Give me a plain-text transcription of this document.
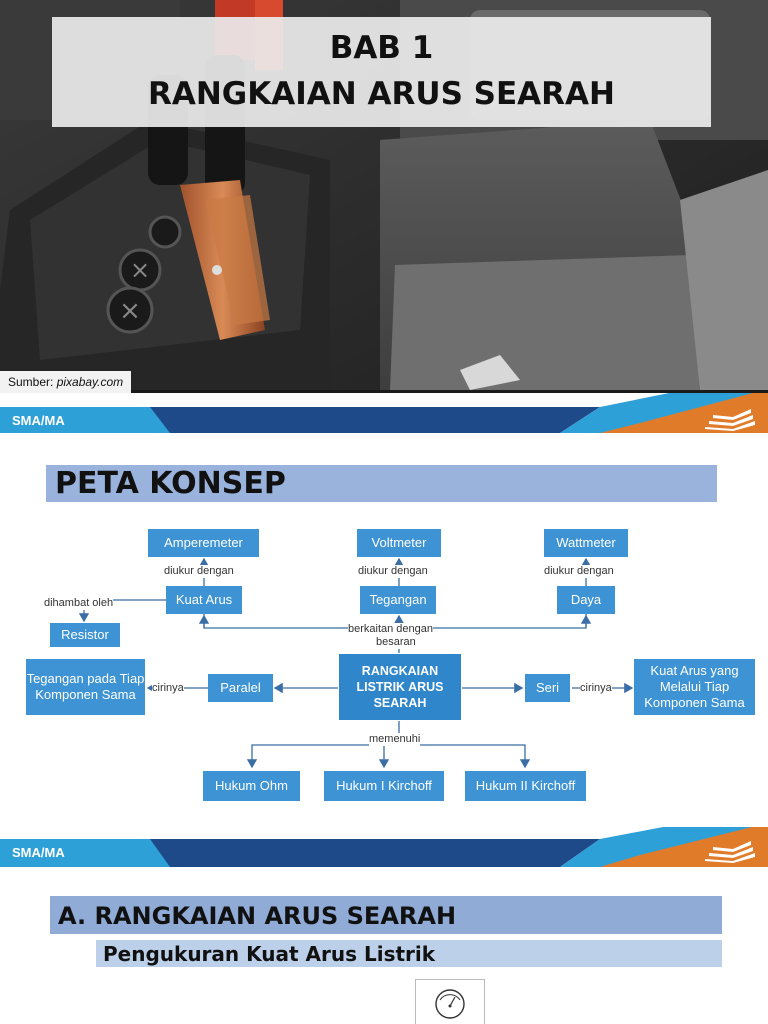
×
×
BAB 1
RANGKAIAN ARUS SEARAH
Sumber: pixabay.com
SMA/MA
PETA KONSEP
Amperemeter	Voltmeter	Wattmeter
diukur dengan	diukur dengan	diukur dengan
Kuat Arus	Tegangan	Daya
dihambat oleh
Resistor	berkaitan dengan
besaran
Tegangan pada Tiap Komponen Sama	cirinya	Paralel
RANGKAIAN LISTRIK ARUS SEARAH
Seri	cirinya
Kuat Arus yang Melalui Tiap Komponen Sama
memenuhi
Hukum Ohm	Hukum I Kirchoff	Hukum II Kirchoff
SMA/MA
A. RANGKAIAN ARUS SEARAH
Pengukuran Kuat Arus Listrik
